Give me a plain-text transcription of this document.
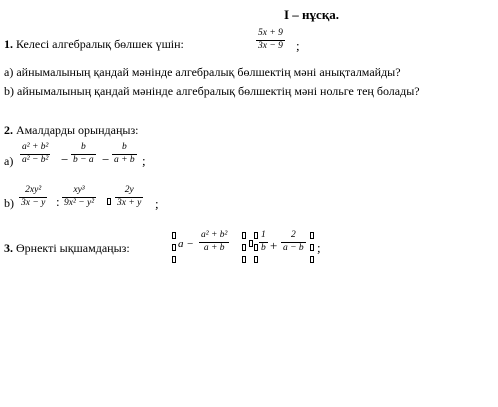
I – нұсқа.
1. Келесі алгебралық бөлшек үшін:
5x + 9
3x − 9 ;
а) айнымалының қандай мәнінде алгебралық бөлшектің мәні анықталмайды?
b) айнымалының қандай мәнінде алгебралық бөлшектің мәні нольге тең болады?
2. Амалдарды орындаңыз:
а)
a² + b²
a² − b² −
b
b − a −
b
a + b ;
b)
2xy²
3x − y :
xy³
9x² − y²
2y
3x + y ;
3. Өрнекті ықшамдаңыз:	a −
a² + b²
a + b
1
b +
2
a − b ;
